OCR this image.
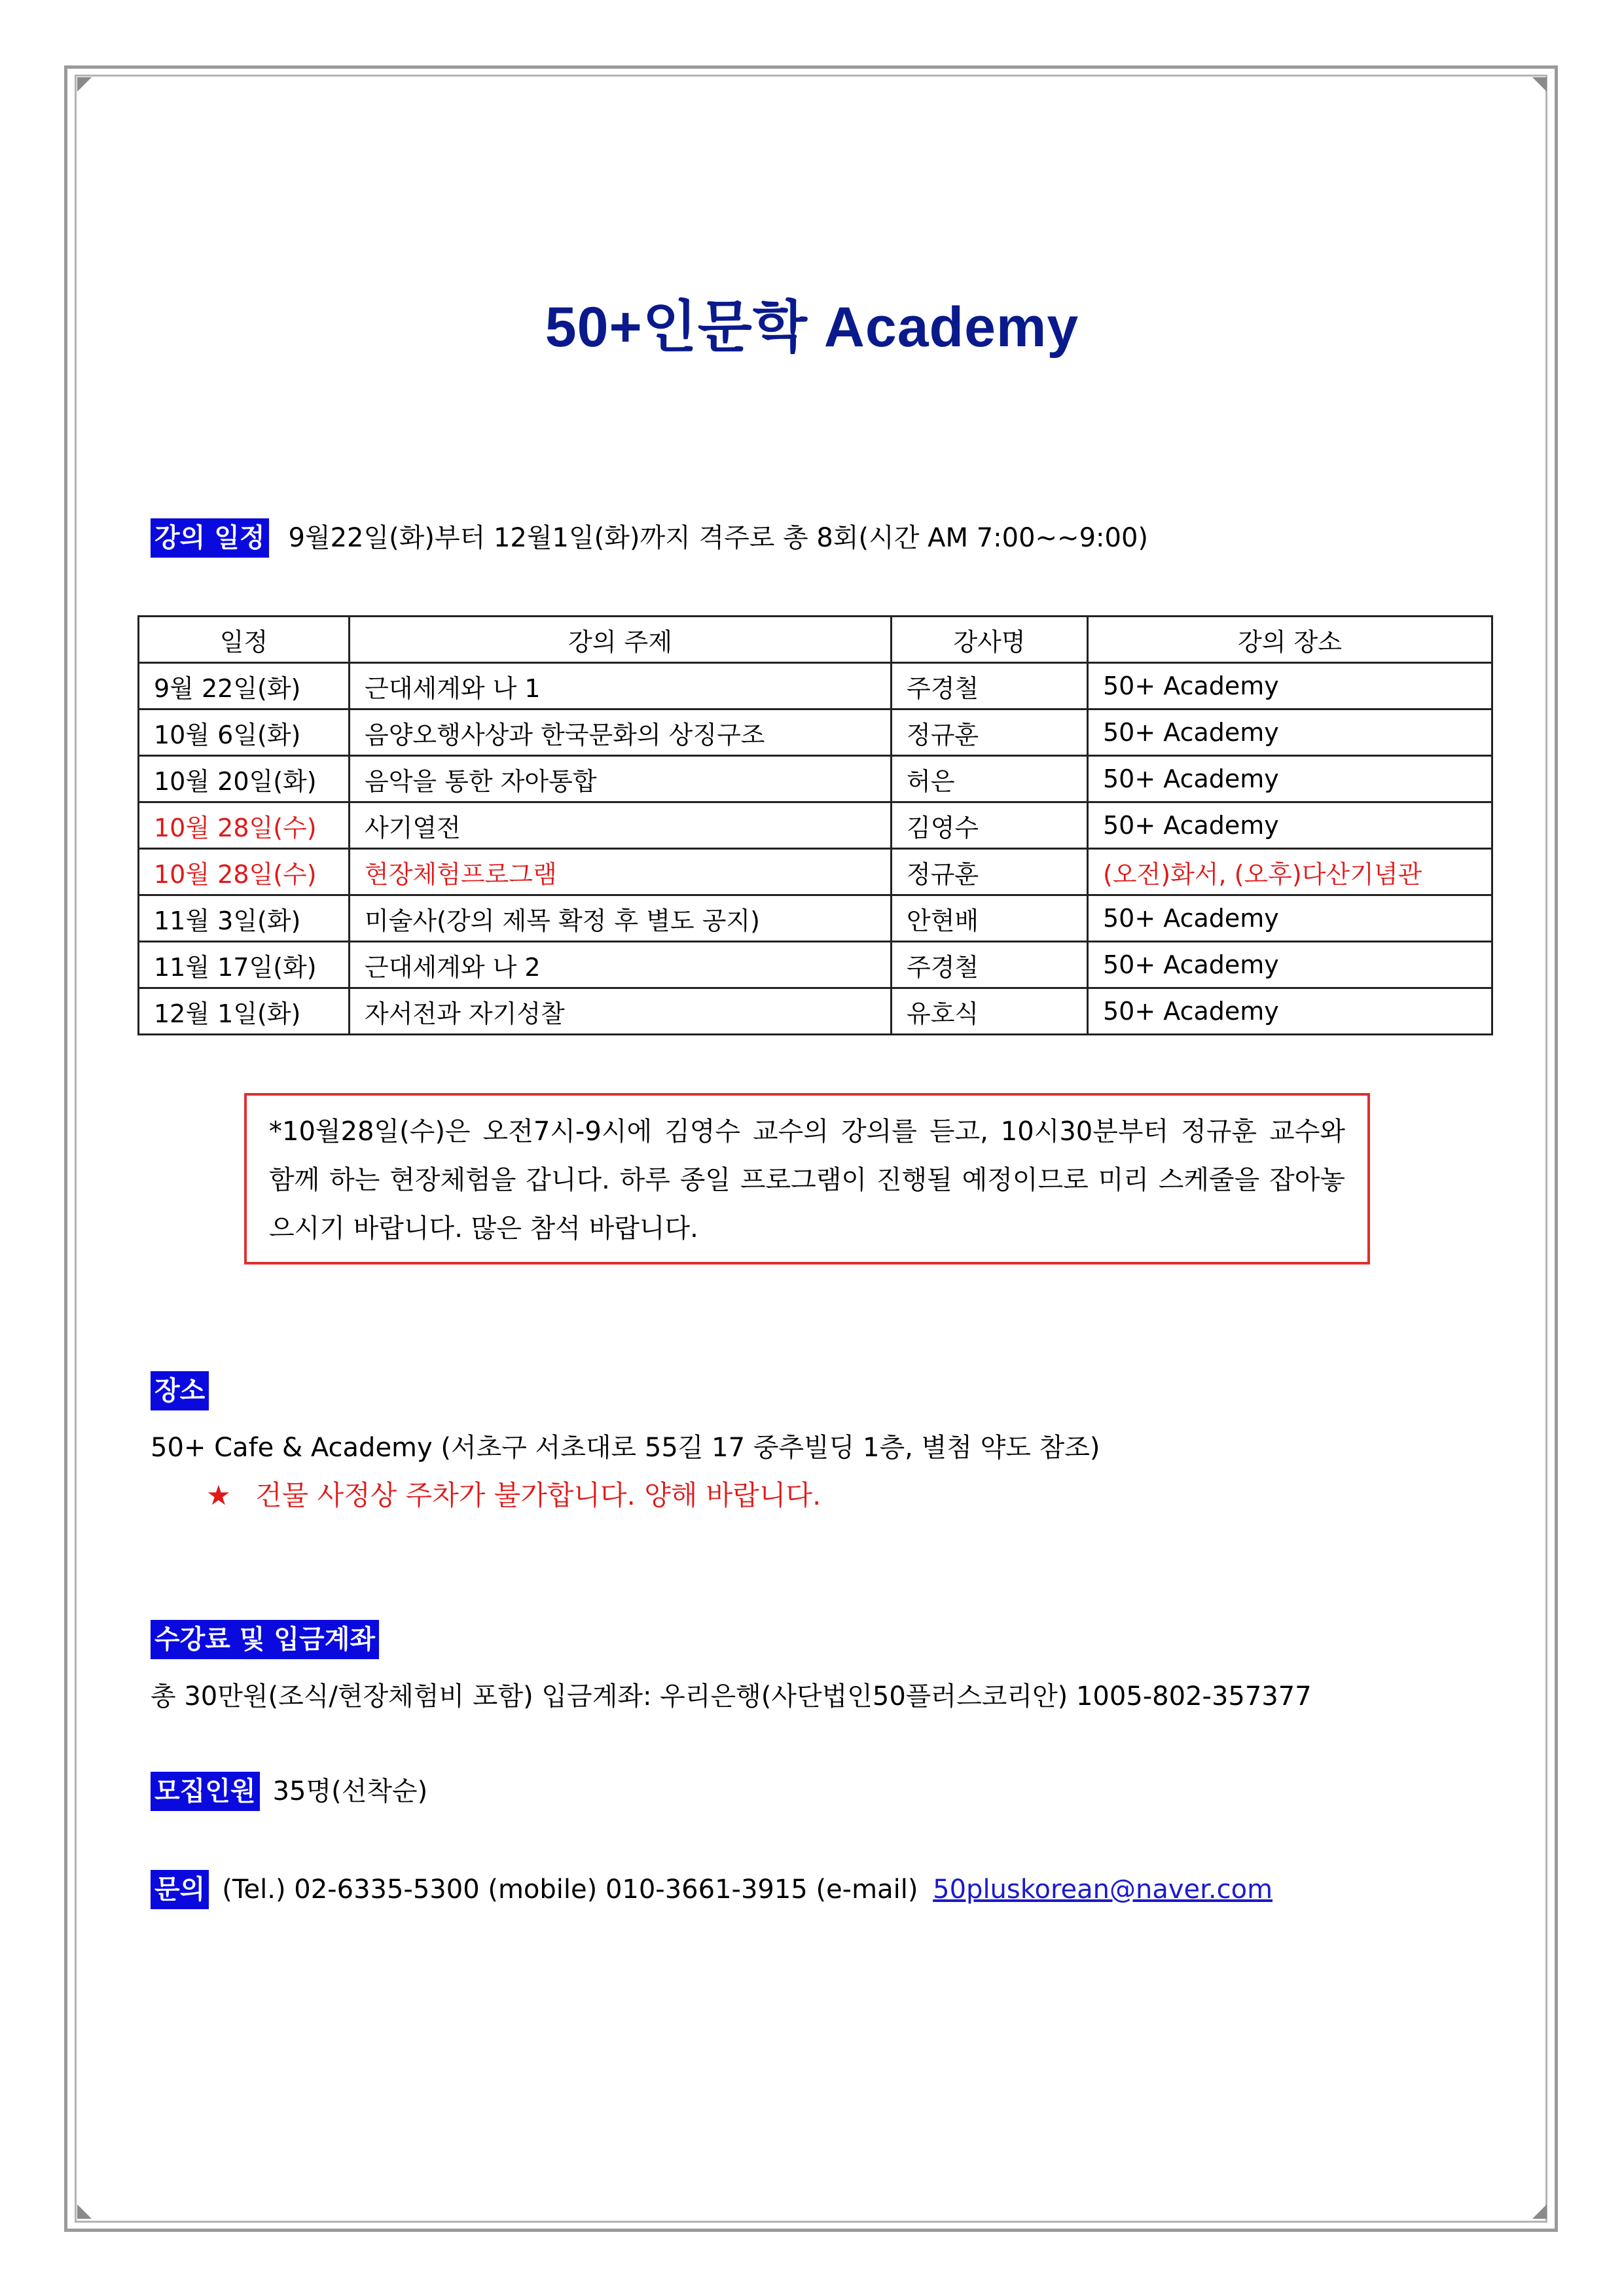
50+인문학 Academy
강의 일정 9월22일(화)부터 12월1일(화)까지 격주로 총 8회(시간 AM 7:00~~9:00)
일정	강의 주제	강사명	강의 장소
9월 22일(화)	근대세계와 나 1	주경철	50+ Academy
10월 6일(화)	음양오행사상과 한국문화의 상징구조	정규훈	50+ Academy
10월 20일(화)	음악을 통한 자아통합	허은	50+ Academy
10월 28일(수)	사기열전	김영수	50+ Academy
10월 28일(수)	현장체험프로그램	정규훈	(오전)화서, (오후)다산기념관
11월 3일(화)	미술사(강의 제목 확정 후 별도 공지)	안현배	50+ Academy
11월 17일(화)	근대세계와 나 2	주경철	50+ Academy
12월 1일(화)	자서전과 자기성찰	유호식	50+ Academy
*10월28일(수)은 오전7시-9시에 김영수 교수의 강의를 듣고, 10시30분부터 정규훈 교수와 함께 하는 현장체험을 갑니다. 하루 종일 프로그램이 진행될 예정이므로 미리 스케줄을 잡아놓으시기 바랍니다. 많은 참석 바랍니다.
장소
50+ Cafe & Academy (서초구 서초대로 55길 17 중추빌딩 1층, 별첨 약도 참조)
★ 건물 사정상 주차가 불가합니다. 양해 바랍니다.
수강료 및 입금계좌
총 30만원(조식/현장체험비 포함) 입금계좌: 우리은행(사단법인50플러스코리안) 1005-802-357377
모집인원 35명(선착순)
문의 (Tel.) 02-6335-5300 (mobile) 010-3661-3915 (e-mail) 50pluskorean@naver.com
